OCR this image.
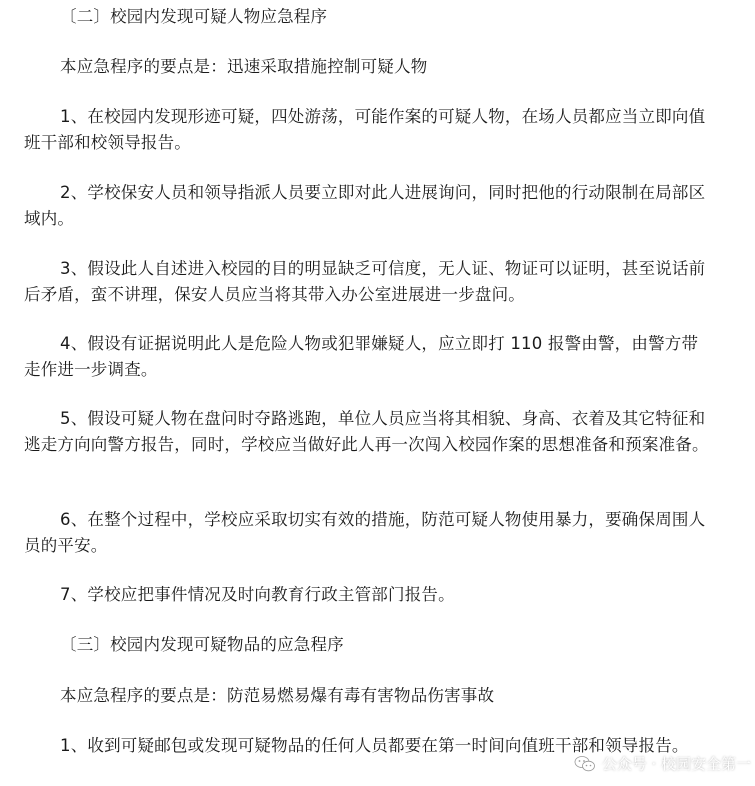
〔二〕校园内发现可疑人物应急程序

本应急程序的要点是：迅速采取措施控制可疑人物

1、在校园内发现形迹可疑，四处游荡，可能作案的可疑人物，在场人员都应当立即向值班干部和校领导报告。

2、学校保安人员和领导指派人员要立即对此人进展询问，同时把他的行动限制在局部区域内。

3、假设此人自述进入校园的目的明显缺乏可信度，无人证、物证可以证明，甚至说话前后矛盾，蛮不讲理，保安人员应当将其带入办公室进展进一步盘问。

4、假设有证据说明此人是危险人物或犯罪嫌疑人，应立即打 110 报警由警，由警方带走作进一步调查。

5、假设可疑人物在盘问时夺路逃跑，单位人员应当将其相貌、身高、衣着及其它特征和逃走方向向警方报告，同时，学校应当做好此人再一次闯入校园作案的思想准备和预案准备。

6、在整个过程中，学校应采取切实有效的措施，防范可疑人物使用暴力，要确保周围人员的平安。

7、学校应把事件情况及时向教育行政主管部门报告。

〔三〕校园内发现可疑物品的应急程序

本应急程序的要点是：防范易燃易爆有毒有害物品伤害事故

1、收到可疑邮包或发现可疑物品的任何人员都要在第一时间向值班干部和领导报告。

公众号 · 校园安全第一
